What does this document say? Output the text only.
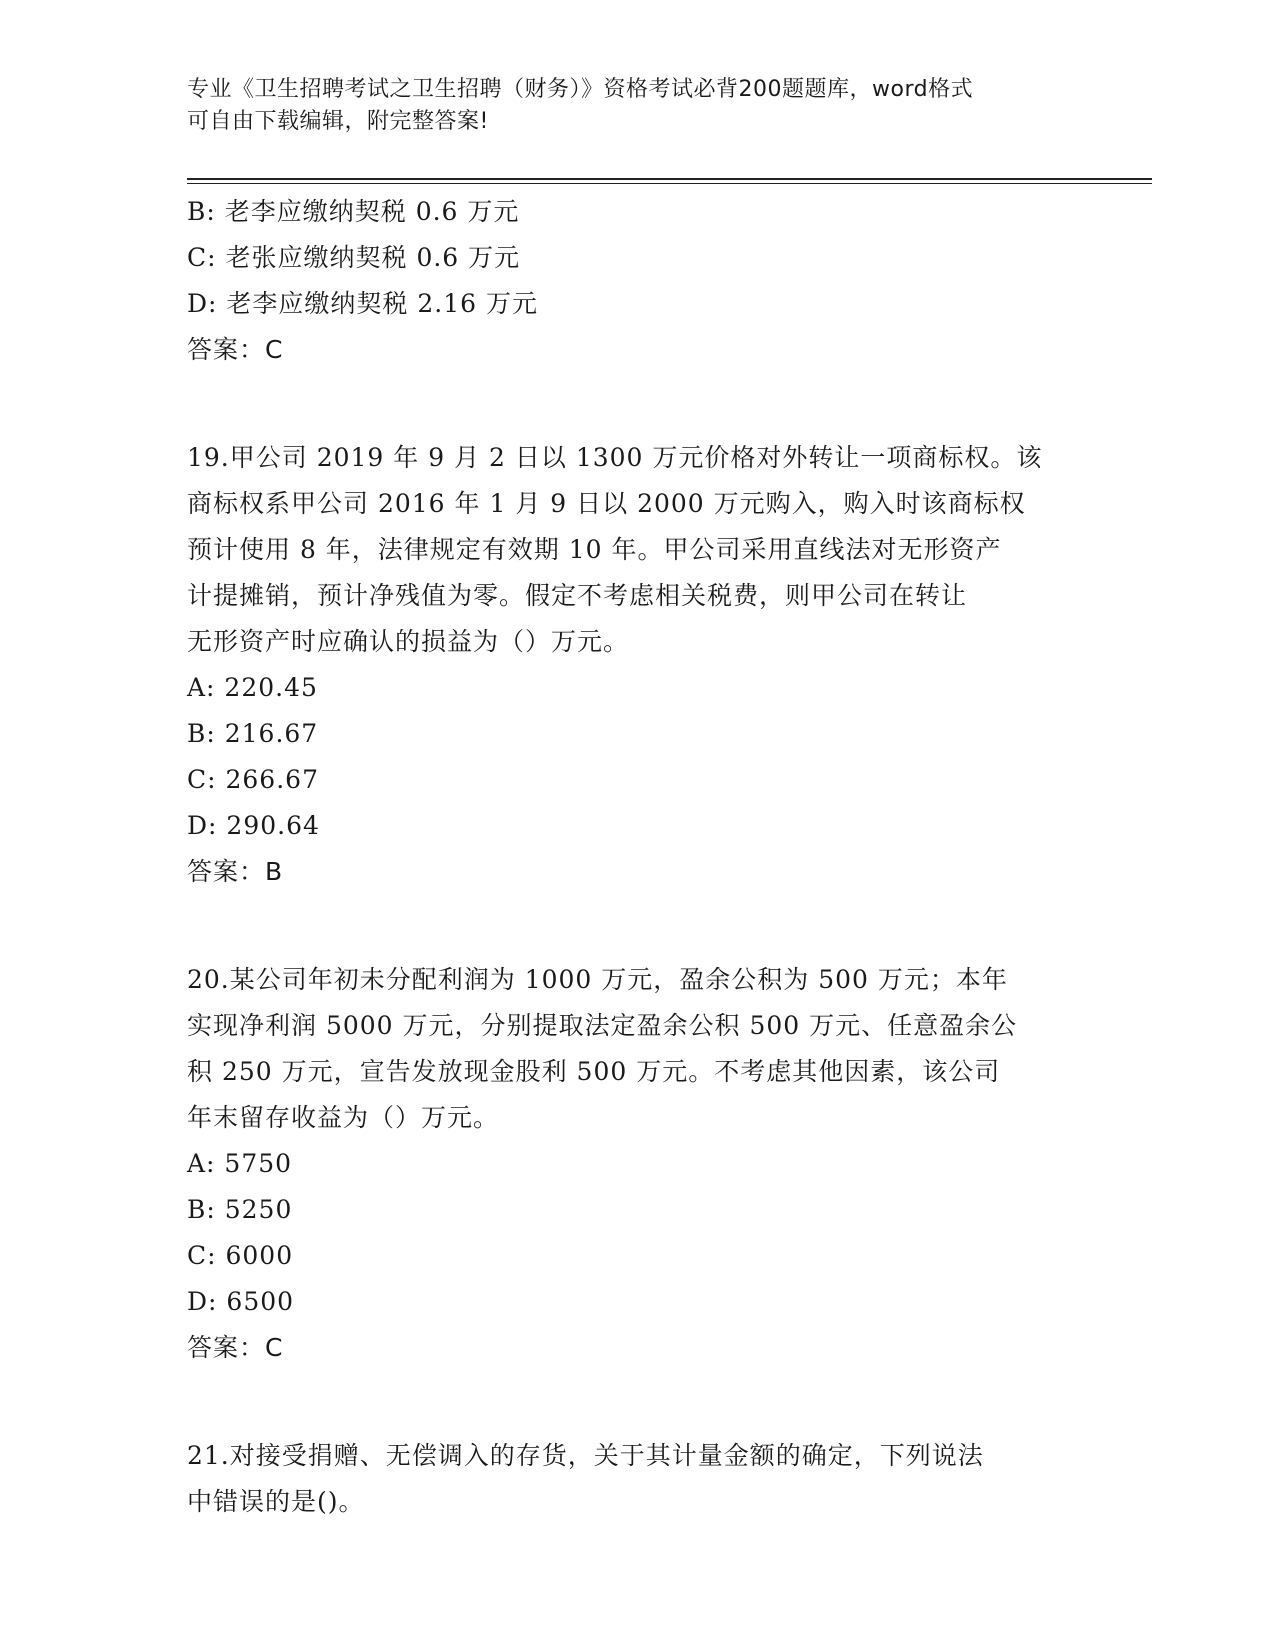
专业《卫生招聘考试之卫生招聘（财务）》资格考试必背200题题库，word格式
可自由下载编辑，附完整答案!
B: 老李应缴纳契税 0.6 万元
C: 老张应缴纳契税 0.6 万元
D: 老李应缴纳契税 2.16 万元
答案：C
19.甲公司 2019 年 9 月 2 日以 1300 万元价格对外转让一项商标权。该
商标权系甲公司 2016 年 1 月 9 日以 2000 万元购入，购入时该商标权
预计使用 8 年，法律规定有效期 10 年。甲公司采用直线法对无形资产
计提摊销，预计净残值为零。假定不考虑相关税费，则甲公司在转让
无形资产时应确认的损益为（）万元。
A: 220.45
B: 216.67
C: 266.67
D: 290.64
答案：B
20.某公司年初未分配利润为 1000 万元，盈余公积为 500 万元；本年
实现净利润 5000 万元，分别提取法定盈余公积 500 万元、任意盈余公
积 250 万元，宣告发放现金股利 500 万元。不考虑其他因素，该公司
年末留存收益为（）万元。
A: 5750
B: 5250
C: 6000
D: 6500
答案：C
21.对接受捐赠、无偿调入的存货，关于其计量金额的确定，下列说法
中错误的是()。
